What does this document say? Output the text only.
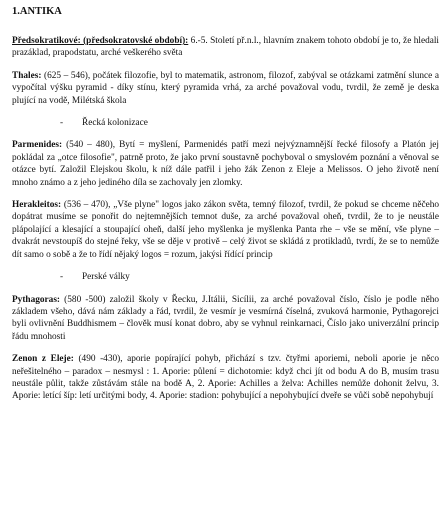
1.ANTIKA

Předsokratikové: (předsokratovské období): 6.-5. Století př.n.l., hlavním znakem tohoto období je to, že hledali prazáklad, prapodstatu, arché veškerého světa

Thales: (625 – 546), počátek filozofie, byl to matematik, astronom, filozof, zabýval se otázkami zatmění slunce a vypočítal výšku pyramid - díky stínu, který pyramida vrhá, za arché považoval vodu, tvrdil, že země je deska plující na vodě, Milétská škola

- Řecká kolonizace

Parmenides: (540 – 480), Bytí = myšlení, Parmenidés patří mezi nejvýznamnější řecké filosofy a Platón jej pokládal za „otce filosofie", patrně proto, že jako první soustavně pochyboval o smyslovém poznání a věnoval se otázce bytí. Založil Elejskou školu, k níž dále patřil i jeho žák Zenon z Eleje a Melissos. O jeho životě není mnoho známo a z jeho jediného díla se zachovaly jen zlomky.

Herakleitos: (536 – 470), „Vše plyne" logos jako zákon světa, temný filozof, tvrdil, že pokud se chceme něčeho dopátrat musíme se ponořit do nejtemnějších temnot duše, za arché považoval oheň, tvrdil, že to je neustále plápolající a klesající a stoupající oheň, další jeho myšlenka je myšlenka Panta rhe – vše se mění, vše plyne – dvakrát nevstoupíš do stejné řeky, vše se děje v protivě – celý život se skládá z protikladů, tvrdí, že se to nemůže dít samo o sobě a že to řídí nějaký logos = rozum, jakýsi řídící princip

- Perské války

Pythagoras: (580 -500) založil školy v Řecku, J.Itálii, Sicílii, za arché považoval číslo, číslo je podle něho základem všeho, dává nám základy a řád, tvrdil, že vesmír je vesmírná číselná, zvuková harmonie, Pythagorejci byli ovlivnění Buddhismem – člověk musí konat dobro, aby se vyhnul reinkarnaci, Číslo jako univerzální princip řádu mnohosti

Zenon z Eleje: (490 -430), aporie popírající pohyb, přichází s tzv. čtyřmi aporiemi, neboli aporie je něco neřešitelného – paradox – nesmysl : 1. Aporie: půlení = dichotomie: když chci jít od bodu A do B, musím trasu neustále půlit, takže zůstávám stále na bodě A, 2. Aporie: Achilles a želva: Achilles nemůže dohonit želvu, 3. Aporie: letící šíp: letí určitými body, 4. Aporie: stadion: pohybující a nepohybující dveře se vůči sobě nepohybují
